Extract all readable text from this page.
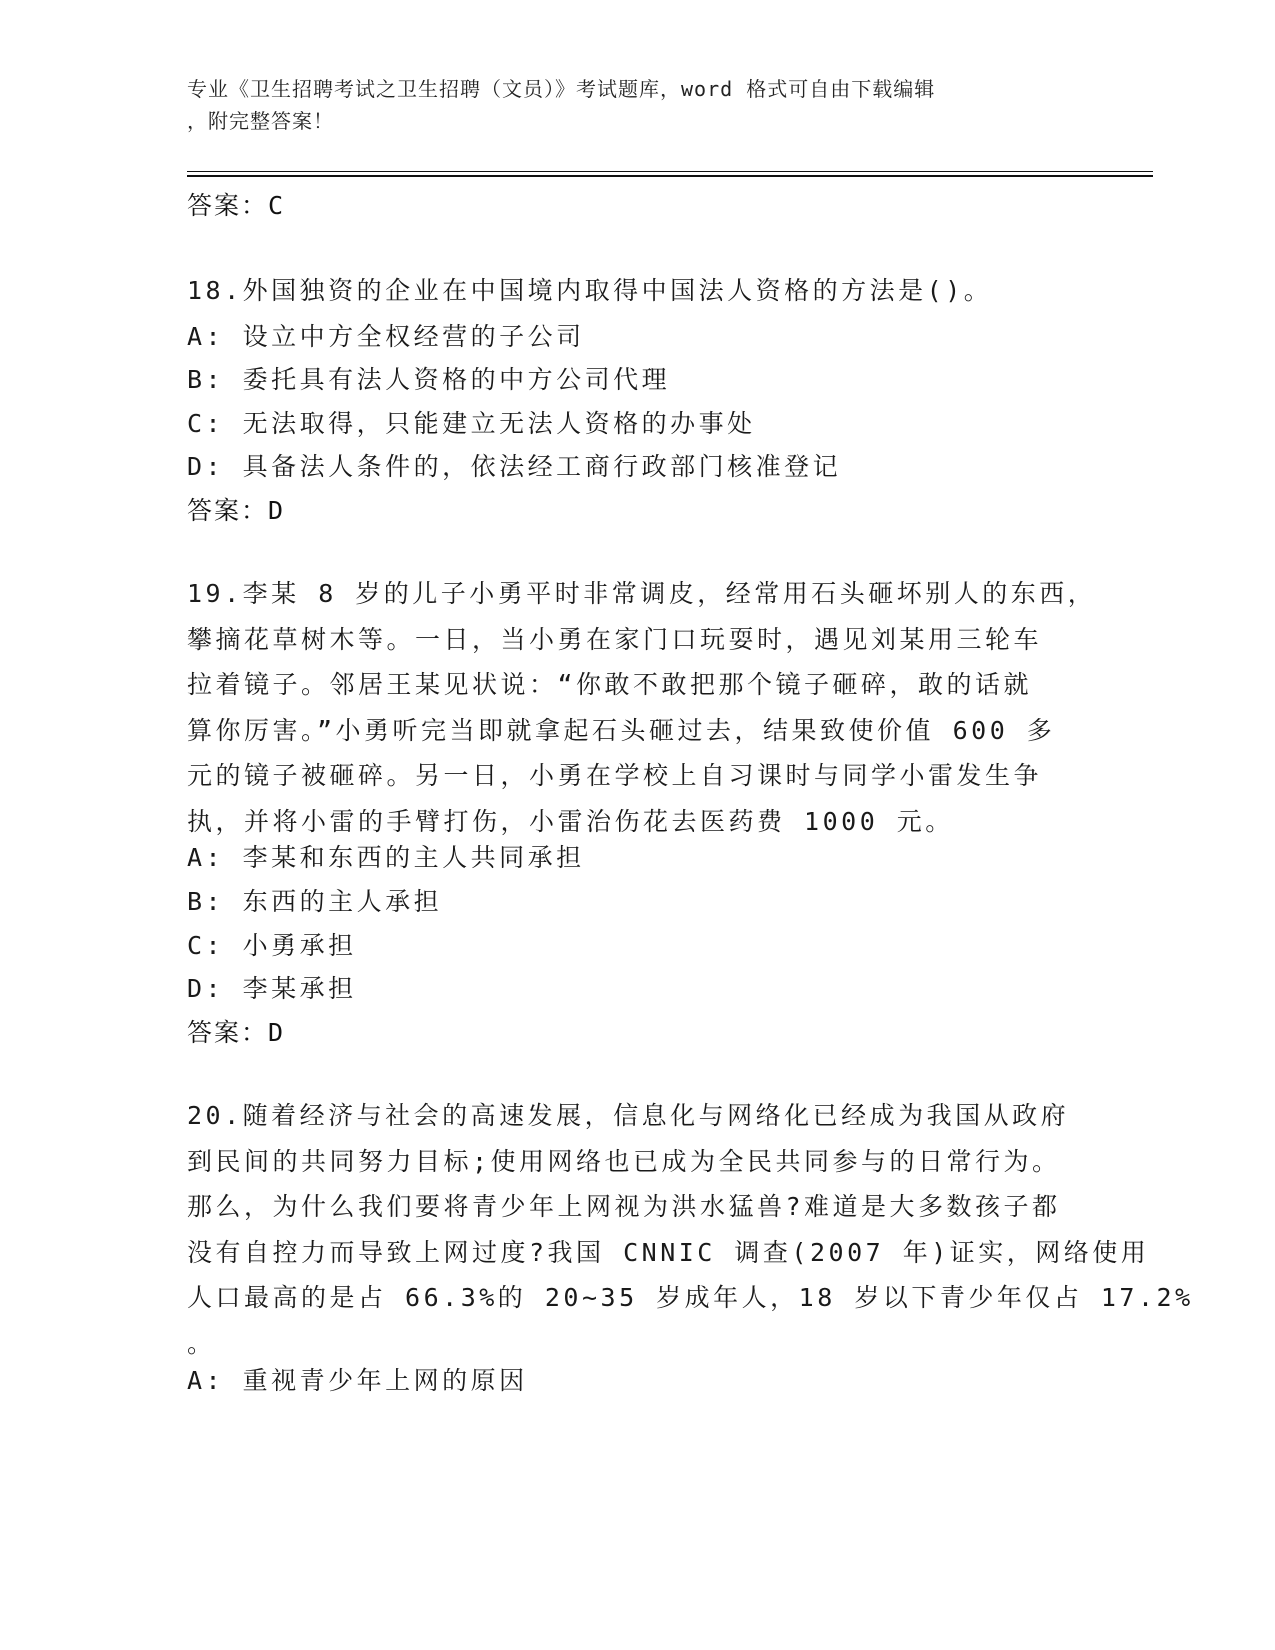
专业《卫生招聘考试之卫生招聘（文员）》考试题库，word 格式可自由下载编辑
，附完整答案！
答案：C
18.外国独资的企业在中国境内取得中国法人资格的方法是()。
A: 设立中方全权经营的子公司
B: 委托具有法人资格的中方公司代理
C: 无法取得，只能建立无法人资格的办事处
D: 具备法人条件的，依法经工商行政部门核准登记
答案：D
19.李某 8 岁的儿子小勇平时非常调皮，经常用石头砸坏别人的东西，
攀摘花草树木等。一日，当小勇在家门口玩耍时，遇见刘某用三轮车
拉着镜子。邻居王某见状说：“你敢不敢把那个镜子砸碎，敢的话就
算你厉害。”小勇听完当即就拿起石头砸过去，结果致使价值 600 多
元的镜子被砸碎。另一日，小勇在学校上自习课时与同学小雷发生争
执，并将小雷的手臂打伤，小雷治伤花去医药费 1000 元。
A: 李某和东西的主人共同承担
B: 东西的主人承担
C: 小勇承担
D: 李某承担
答案：D
20.随着经济与社会的高速发展，信息化与网络化已经成为我国从政府
到民间的共同努力目标;使用网络也已成为全民共同参与的日常行为。
那么，为什么我们要将青少年上网视为洪水猛兽?难道是大多数孩子都
没有自控力而导致上网过度?我国 CNNIC 调查(2007 年)证实，网络使用
人口最高的是占 66.3%的 20~35 岁成年人，18 岁以下青少年仅占 17.2%
。
A: 重视青少年上网的原因
